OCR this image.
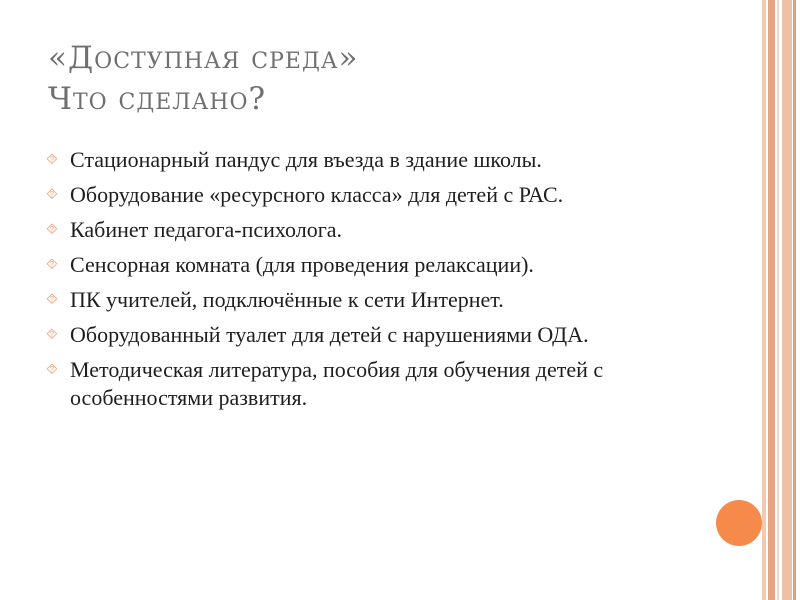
«Доступная среда»
Что сделано?
⯑ Стационарный пандус для въезда в здание школы.
⯑ Оборудование «ресурсного класса» для детей с РАС.
⯑ Кабинет педагога-психолога.
⯑ Сенсорная комната (для проведения релаксации).
⯑ ПК учителей, подключённые к сети Интернет.
⯑ Оборудованный туалет для детей с нарушениями ОДА.
⯑ Методическая литература, пособия для обучения детей с особенностями развития.
